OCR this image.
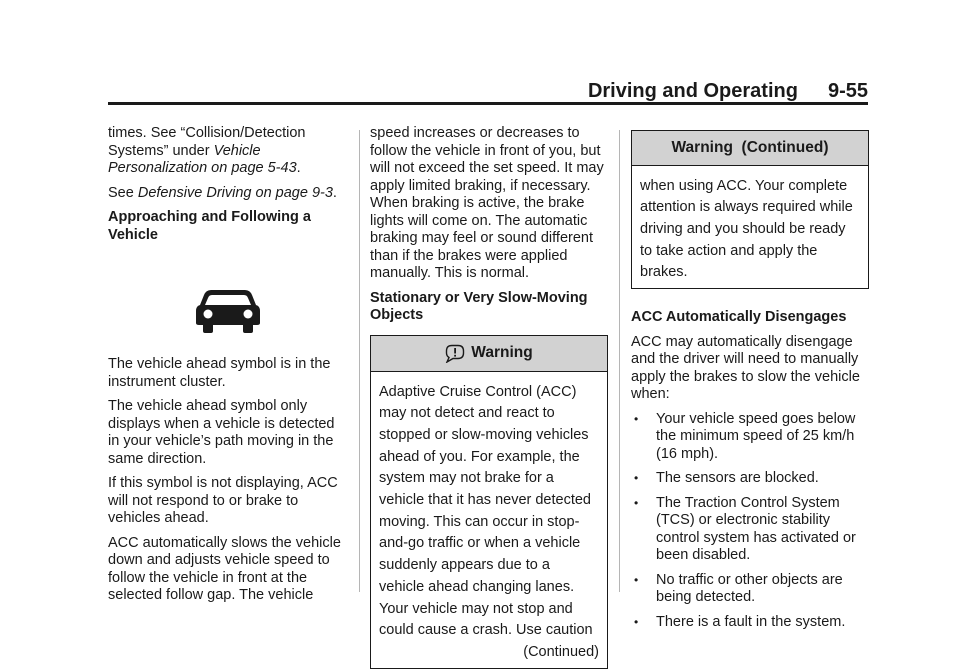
Driving and Operating 9-55

times. See “Collision/Detection Systems” under Vehicle Personalization on page 5-43.

See Defensive Driving on page 9-3.

Approaching and Following a Vehicle

The vehicle ahead symbol is in the instrument cluster.

The vehicle ahead symbol only displays when a vehicle is detected in your vehicle’s path moving in the same direction.

If this symbol is not displaying, ACC will not respond to or brake to vehicles ahead.

ACC automatically slows the vehicle down and adjusts vehicle speed to follow the vehicle in front at the selected follow gap. The vehicle

speed increases or decreases to follow the vehicle in front of you, but will not exceed the set speed. It may apply limited braking, if necessary. When braking is active, the brake lights will come on. The automatic braking may feel or sound different than if the brakes were applied manually. This is normal.

Stationary or Very Slow-Moving Objects

Warning
Adaptive Cruise Control (ACC) may not detect and react to stopped or slow-moving vehicles ahead of you. For example, the system may not brake for a vehicle that it has never detected moving. This can occur in stop-and-go traffic or when a vehicle suddenly appears due to a vehicle ahead changing lanes. Your vehicle may not stop and could cause a crash. Use caution
(Continued)
Warning  (Continued)
when using ACC. Your complete attention is always required while driving and you should be ready to take action and apply the brakes.

ACC Automatically Disengages

ACC may automatically disengage and the driver will need to manually apply the brakes to slow the vehicle when:

•	Your vehicle speed goes below the minimum speed of 25 km/h (16 mph).
•	The sensors are blocked.
•	The Traction Control System (TCS) or electronic stability control system has activated or been disabled.
•	No traffic or other objects are being detected.
•	There is a fault in the system.
